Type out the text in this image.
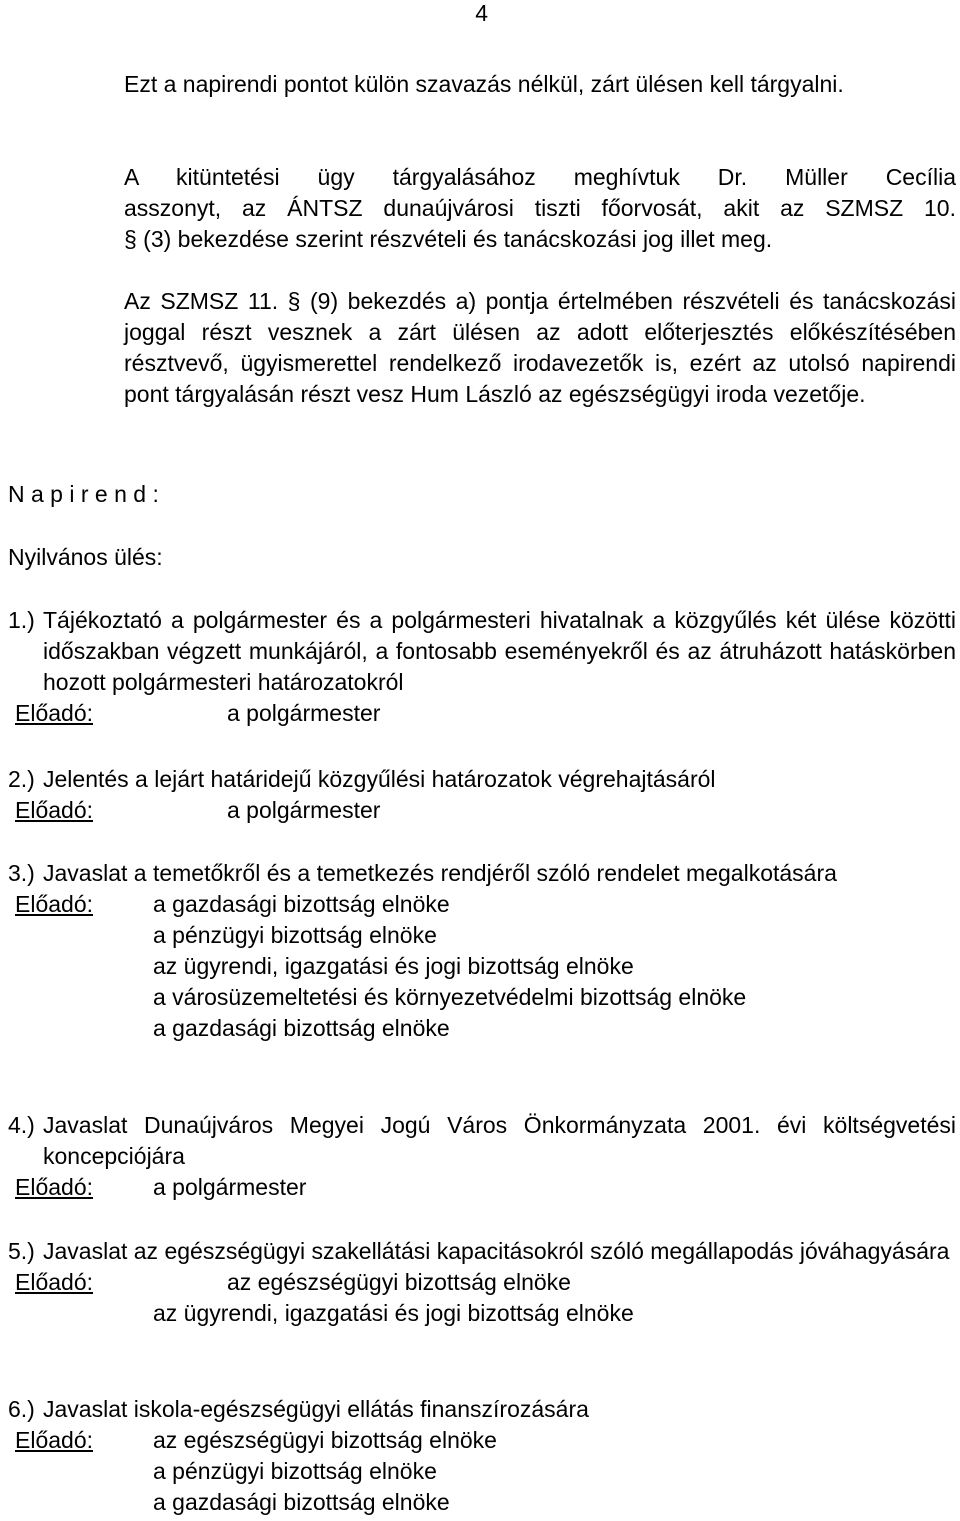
4

Ezt a napirendi pontot külön szavazás nélkül, zárt ülésen kell tárgyalni.

A kitüntetési ügy tárgyalásához meghívtuk Dr. Müller Cecília

asszonyt, az ÁNTSZ dunaújvárosi tiszti főorvosát, akit az SZMSZ 10.

§ (3) bekezdése szerint részvételi és tanácskozási jog illet meg.

Az SZMSZ 11. § (9) bekezdés a) pontja értelmében részvételi és tanácskozási joggal részt vesznek a zárt ülésen az adott előterjesztés előkészítésében résztvevő, ügyismerettel rendelkező irodavezetők is, ezért az utolsó napirendi pont tárgyalásán részt vesz Hum László az egészségügyi iroda vezetője.

N a p i r e n d :
Nyilvános ülés:
1.) Tájékoztató a polgármester és a polgármesteri hivatalnak a közgyűlés két ülése közötti időszakban végzett munkájáról, a fontosabb eseményekről és az átruházott hatáskörben hozott polgármesteri határozatokról
Előadó:	a polgármester
2.) Jelentés a lejárt határidejű közgyűlési határozatok végrehajtásáról
Előadó:	a polgármester
3.) Javaslat a temetőkről és a temetkezés rendjéről szóló rendelet megalkotására
Előadó:	a gazdasági bizottság elnöke
a pénzügyi bizottság elnöke
az ügyrendi, igazgatási és jogi bizottság elnöke
a városüzemeltetési és környezetvédelmi bizottság elnöke
a gazdasági bizottság elnöke
4.) Javaslat Dunaújváros Megyei Jogú Város Önkormányzata 2001. évi költségvetési koncepciójára
Előadó:	a polgármester
5.) Javaslat az egészségügyi szakellátási kapacitásokról szóló megállapodás jóváhagyására
Előadó:	az egészségügyi bizottság elnöke
az ügyrendi, igazgatási és jogi bizottság elnöke
6.) Javaslat iskola-egészségügyi ellátás finanszírozására
Előadó:	az egészségügyi bizottság elnöke
a pénzügyi bizottság elnöke
a gazdasági bizottság elnöke
